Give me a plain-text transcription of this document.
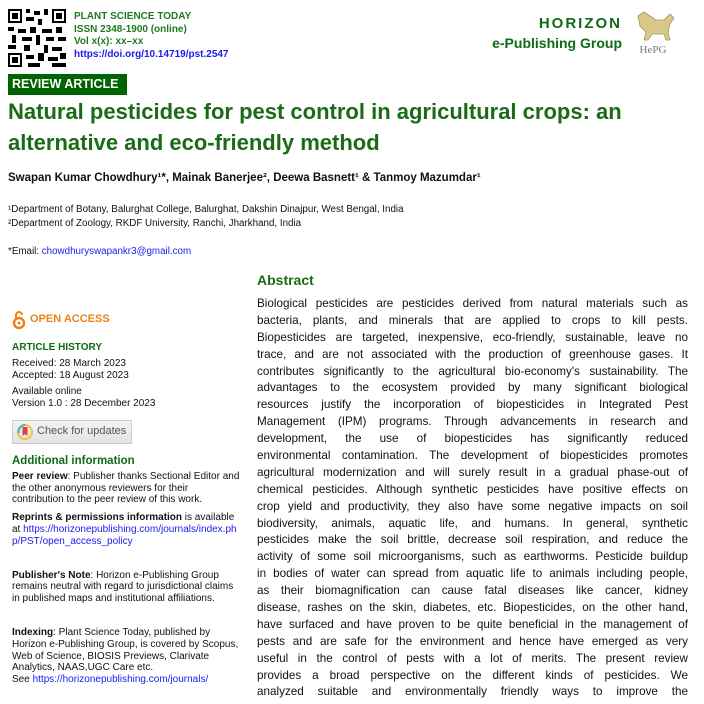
PLANT SCIENCE TODAY
ISSN 2348-1900 (online)
Vol x(x): xx–xx
https://doi.org/10.14719/pst.2547
HORIZON
e-Publishing Group HePG
REVIEW ARTICLE
Natural pesticides for pest control in agricultural crops: an
alternative and eco-friendly method
Swapan Kumar Chowdhury¹*, Mainak Banerjee², Deewa Basnett¹ & Tanmoy Mazumdar¹
¹Department of Botany, Balurghat College, Balurghat, Dakshin Dinajpur, West Bengal, India
²Department of Zoology, RKDF University, Ranchi, Jharkhand, India
*Email: chowdhuryswapankr3@gmail.com
OPEN ACCESS
ARTICLE HISTORY
Received: 28 March 2023
Accepted: 18 August 2023
Available online
Version 1.0 : 28 December 2023
Check for updates
Additional information

Peer review: Publisher thanks Sectional Editor and the other anonymous reviewers for their contribution to the peer review of this work.

Reprints & permissions information is available at https://horizonepublishing.com/journals/index.php/PST/open_access_policy

Publisher's Note: Horizon e-Publishing Group remains neutral with regard to jurisdictional claims in published maps and institutional affiliations.

Indexing: Plant Science Today, published by Horizon e-Publishing Group, is covered by Scopus, Web of Science, BIOSIS Previews, Clarivate Analytics, NAAS,UGC Care etc.
See https://horizonepublishing.com/journals/

Abstract
Biological pesticides are pesticides derived from natural materials such as
bacteria, plants, and minerals that are applied to crops to kill pests.
Biopesticides are targeted, inexpensive, eco-friendly, sustainable, leave no
trace, and are not associated with the production of greenhouse gases. It
contributes significantly to the agricultural bio-economy's sustainability. The
advantages to the ecosystem provided by many significant biological
resources justify the incorporation of biopesticides in Integrated Pest
Management (IPM) programs. Through advancements in research and
development, the use of biopesticides has significantly reduced
environmental contamination. The development of biopesticides promotes
agricultural modernization and will surely result in a gradual phase-out of
chemical pesticides. Although synthetic pesticides have positive effects on
crop yield and productivity, they also have some negative impacts on soil
biodiversity, animals, aquatic life, and humans. In general, synthetic
pesticides make the soil brittle, decrease soil respiration, and reduce the
activity of some soil microorganisms, such as earthworms. Pesticide buildup
in bodies of water can spread from aquatic life to animals including people,
as their biomagnification can cause fatal diseases like cancer, kidney
disease, rashes on the skin, diabetes, etc. Biopesticides, on the other hand,
have surfaced and have proven to be quite beneficial in the management of
pests and are safe for the environment and hence have emerged as very
useful in the control of pests with a lot of merits. The present review
provides a broad perspective on the different kinds of pesticides. We
analyzed suitable and environmentally friendly ways to improve the
